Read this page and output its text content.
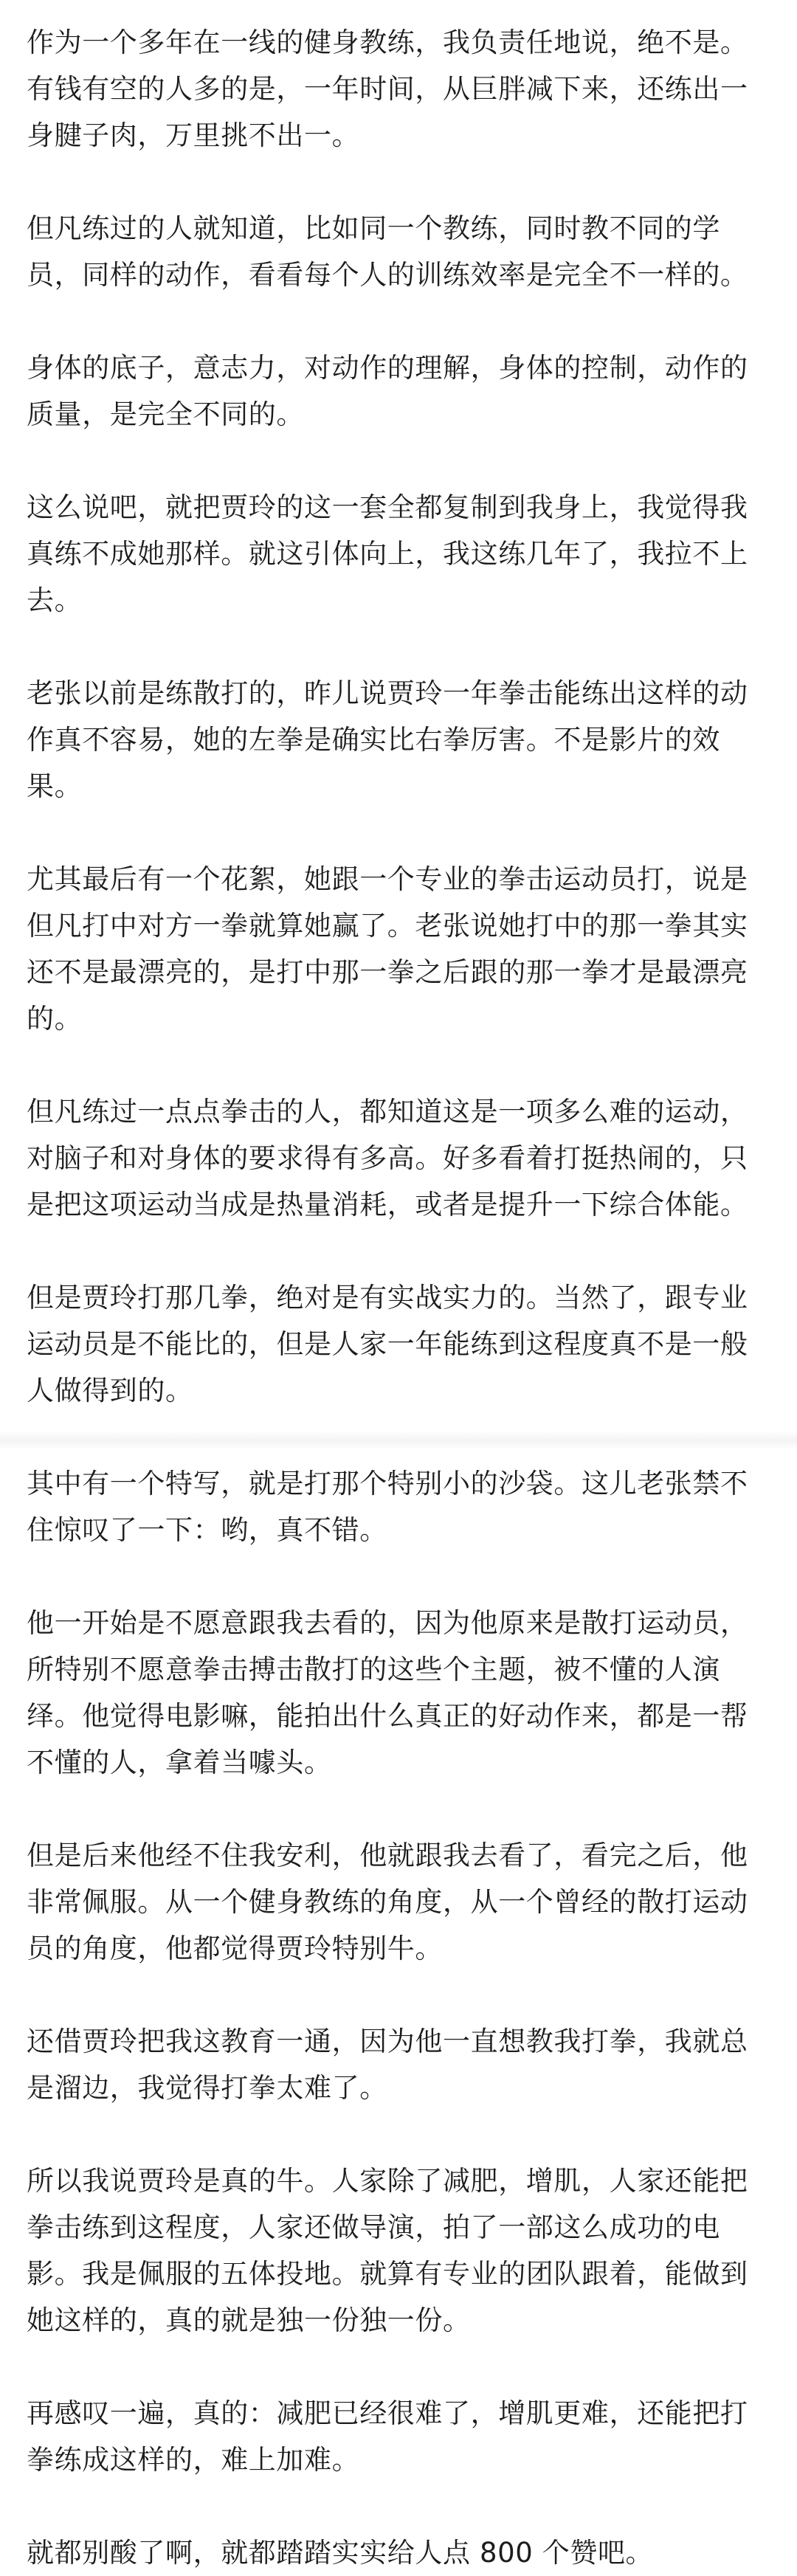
作为一个多年在一线的健身教练，我负责任地说，绝不是。有钱有空的人多的是，一年时间，从巨胖减下来，还练出一身腱子肉，万里挑不出一。

但凡练过的人就知道，比如同一个教练，同时教不同的学员，同样的动作，看看每个人的训练效率是完全不一样的。

身体的底子，意志力，对动作的理解，身体的控制，动作的质量，是完全不同的。

这么说吧，就把贾玲的这一套全都复制到我身上，我觉得我真练不成她那样。就这引体向上，我这练几年了，我拉不上去。

老张以前是练散打的，昨儿说贾玲一年拳击能练出这样的动作真不容易，她的左拳是确实比右拳厉害。不是影片的效果。

尤其最后有一个花絮，她跟一个专业的拳击运动员打，说是但凡打中对方一拳就算她赢了。老张说她打中的那一拳其实还不是最漂亮的，是打中那一拳之后跟的那一拳才是最漂亮的。

但凡练过一点点拳击的人，都知道这是一项多么难的运动，对脑子和对身体的要求得有多高。好多看着打挺热闹的，只是把这项运动当成是热量消耗，或者是提升一下综合体能。

但是贾玲打那几拳，绝对是有实战实力的。当然了，跟专业运动员是不能比的，但是人家一年能练到这程度真不是一般人做得到的。

其中有一个特写，就是打那个特别小的沙袋。这儿老张禁不住惊叹了一下：哟，真不错。

他一开始是不愿意跟我去看的，因为他原来是散打运动员，所特别不愿意拳击搏击散打的这些个主题，被不懂的人演绎。他觉得电影嘛，能拍出什么真正的好动作来，都是一帮不懂的人，拿着当噱头。

但是后来他经不住我安利，他就跟我去看了，看完之后，他非常佩服。从一个健身教练的角度，从一个曾经的散打运动员的角度，他都觉得贾玲特别牛。

还借贾玲把我这教育一通，因为他一直想教我打拳，我就总是溜边，我觉得打拳太难了。

所以我说贾玲是真的牛。人家除了减肥，增肌，人家还能把拳击练到这程度，人家还做导演，拍了一部这么成功的电影。我是佩服的五体投地。就算有专业的团队跟着，能做到她这样的，真的就是独一份独一份。

再感叹一遍，真的：减肥已经很难了，增肌更难，还能把打拳练成这样的，难上加难。

就都别酸了啊，就都踏踏实实给人点 800 个赞吧。
